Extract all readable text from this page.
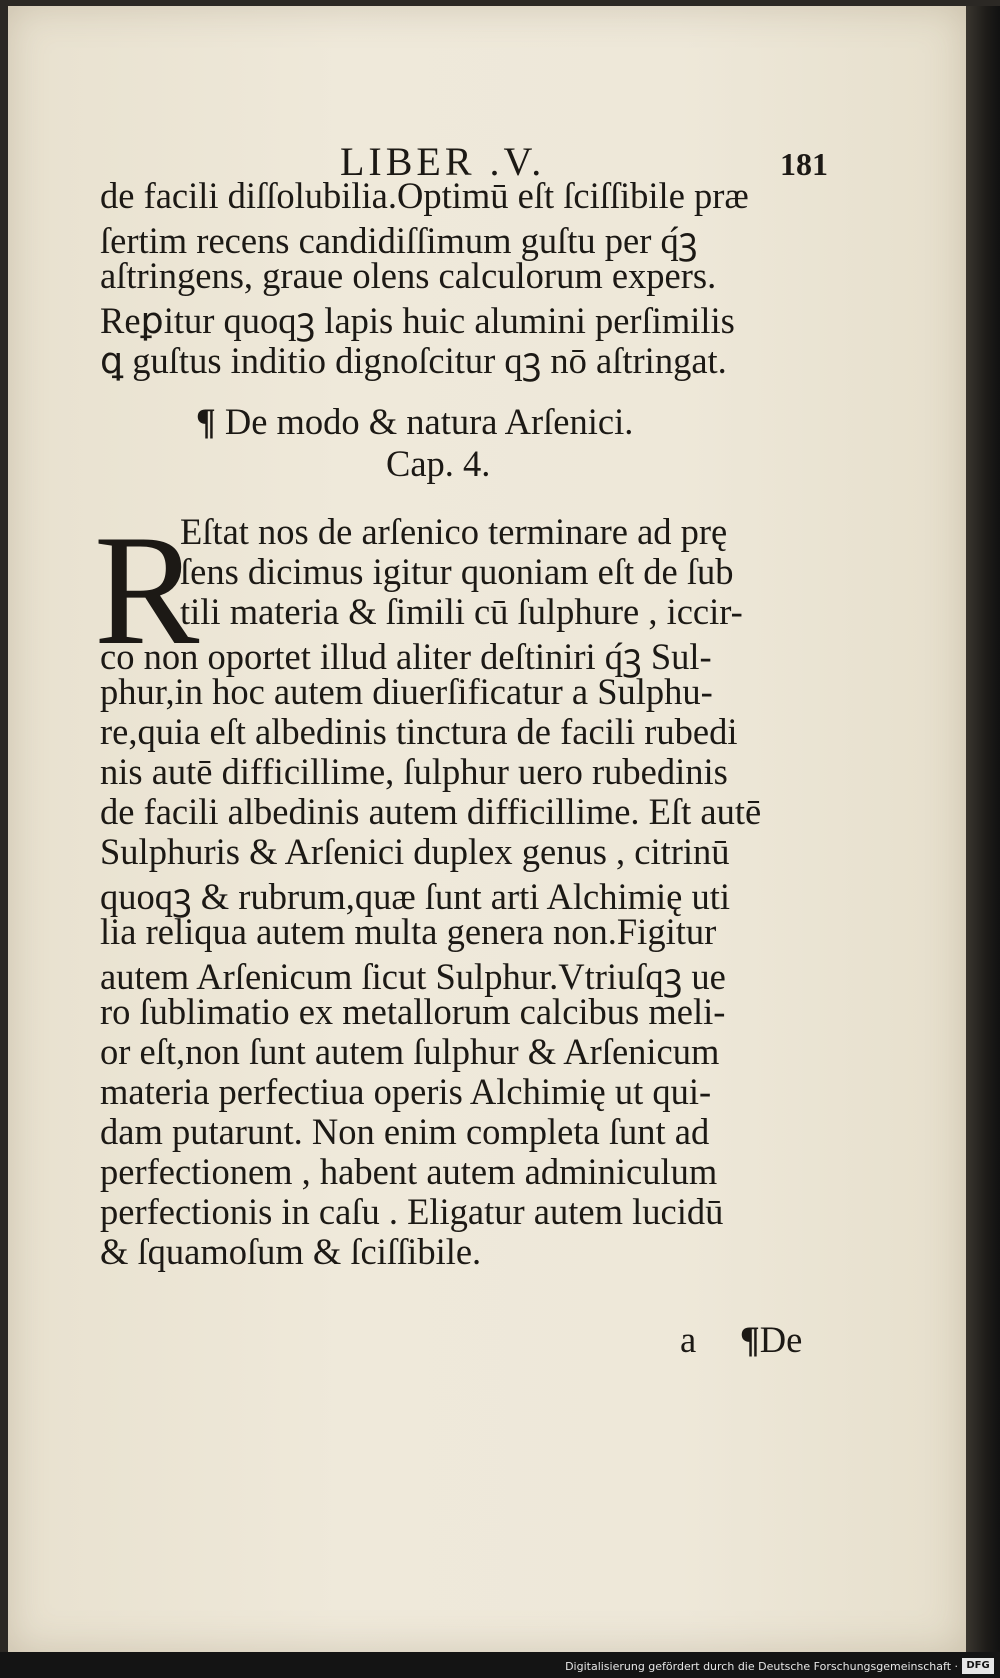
LIBER .V.	181
de facili diſſolubilia.Optimū eſt ſciſſibile præ
ſertim recens candidiſſimum guſtu per q́ꝫ
aſtringens, graue olens calculorum expers.
Reꝑitur quoqꝫ lapis huic alumini perſimilis
ꝗ guſtus inditio dignoſcitur qꝫ nō aſtringat.
¶ De modo & natura Arſenici.
Cap. 4.
R
Eſtat nos de arſenico terminare ad prę
ſens dicimus igitur quoniam eſt de ſub
tili materia & ſimili cū ſulphure , iccir-
co non oportet illud aliter deſtiniri q́ꝫ Sul-
phur,in hoc autem diuerſificatur a Sulphu-
re,quia eſt albedinis tinctura de facili rubedi
nis autē difficillime, ſulphur uero rubedinis
de facili albedinis autem difficillime. Eſt autē
Sulphuris & Arſenici duplex genus , citrinū
quoqꝫ & rubrum,quæ ſunt arti Alchimię uti
lia reliqua autem multa genera non.Figitur
autem Arſenicum ſicut Sulphur.Vtriuſqꝫ ue
ro ſublimatio ex metallorum calcibus meli-
or eſt,non ſunt autem ſulphur & Arſenicum
materia perfectiua operis Alchimię ut qui-
dam putarunt. Non enim completa ſunt ad
perfectionem , habent autem adminiculum
perfectionis in caſu . Eligatur autem lucidū
& ſquamoſum & ſciſſibile.
a ¶De
Digitalisierung gefördert durch die Deutsche Forschungsgemeinschaft · DFG
